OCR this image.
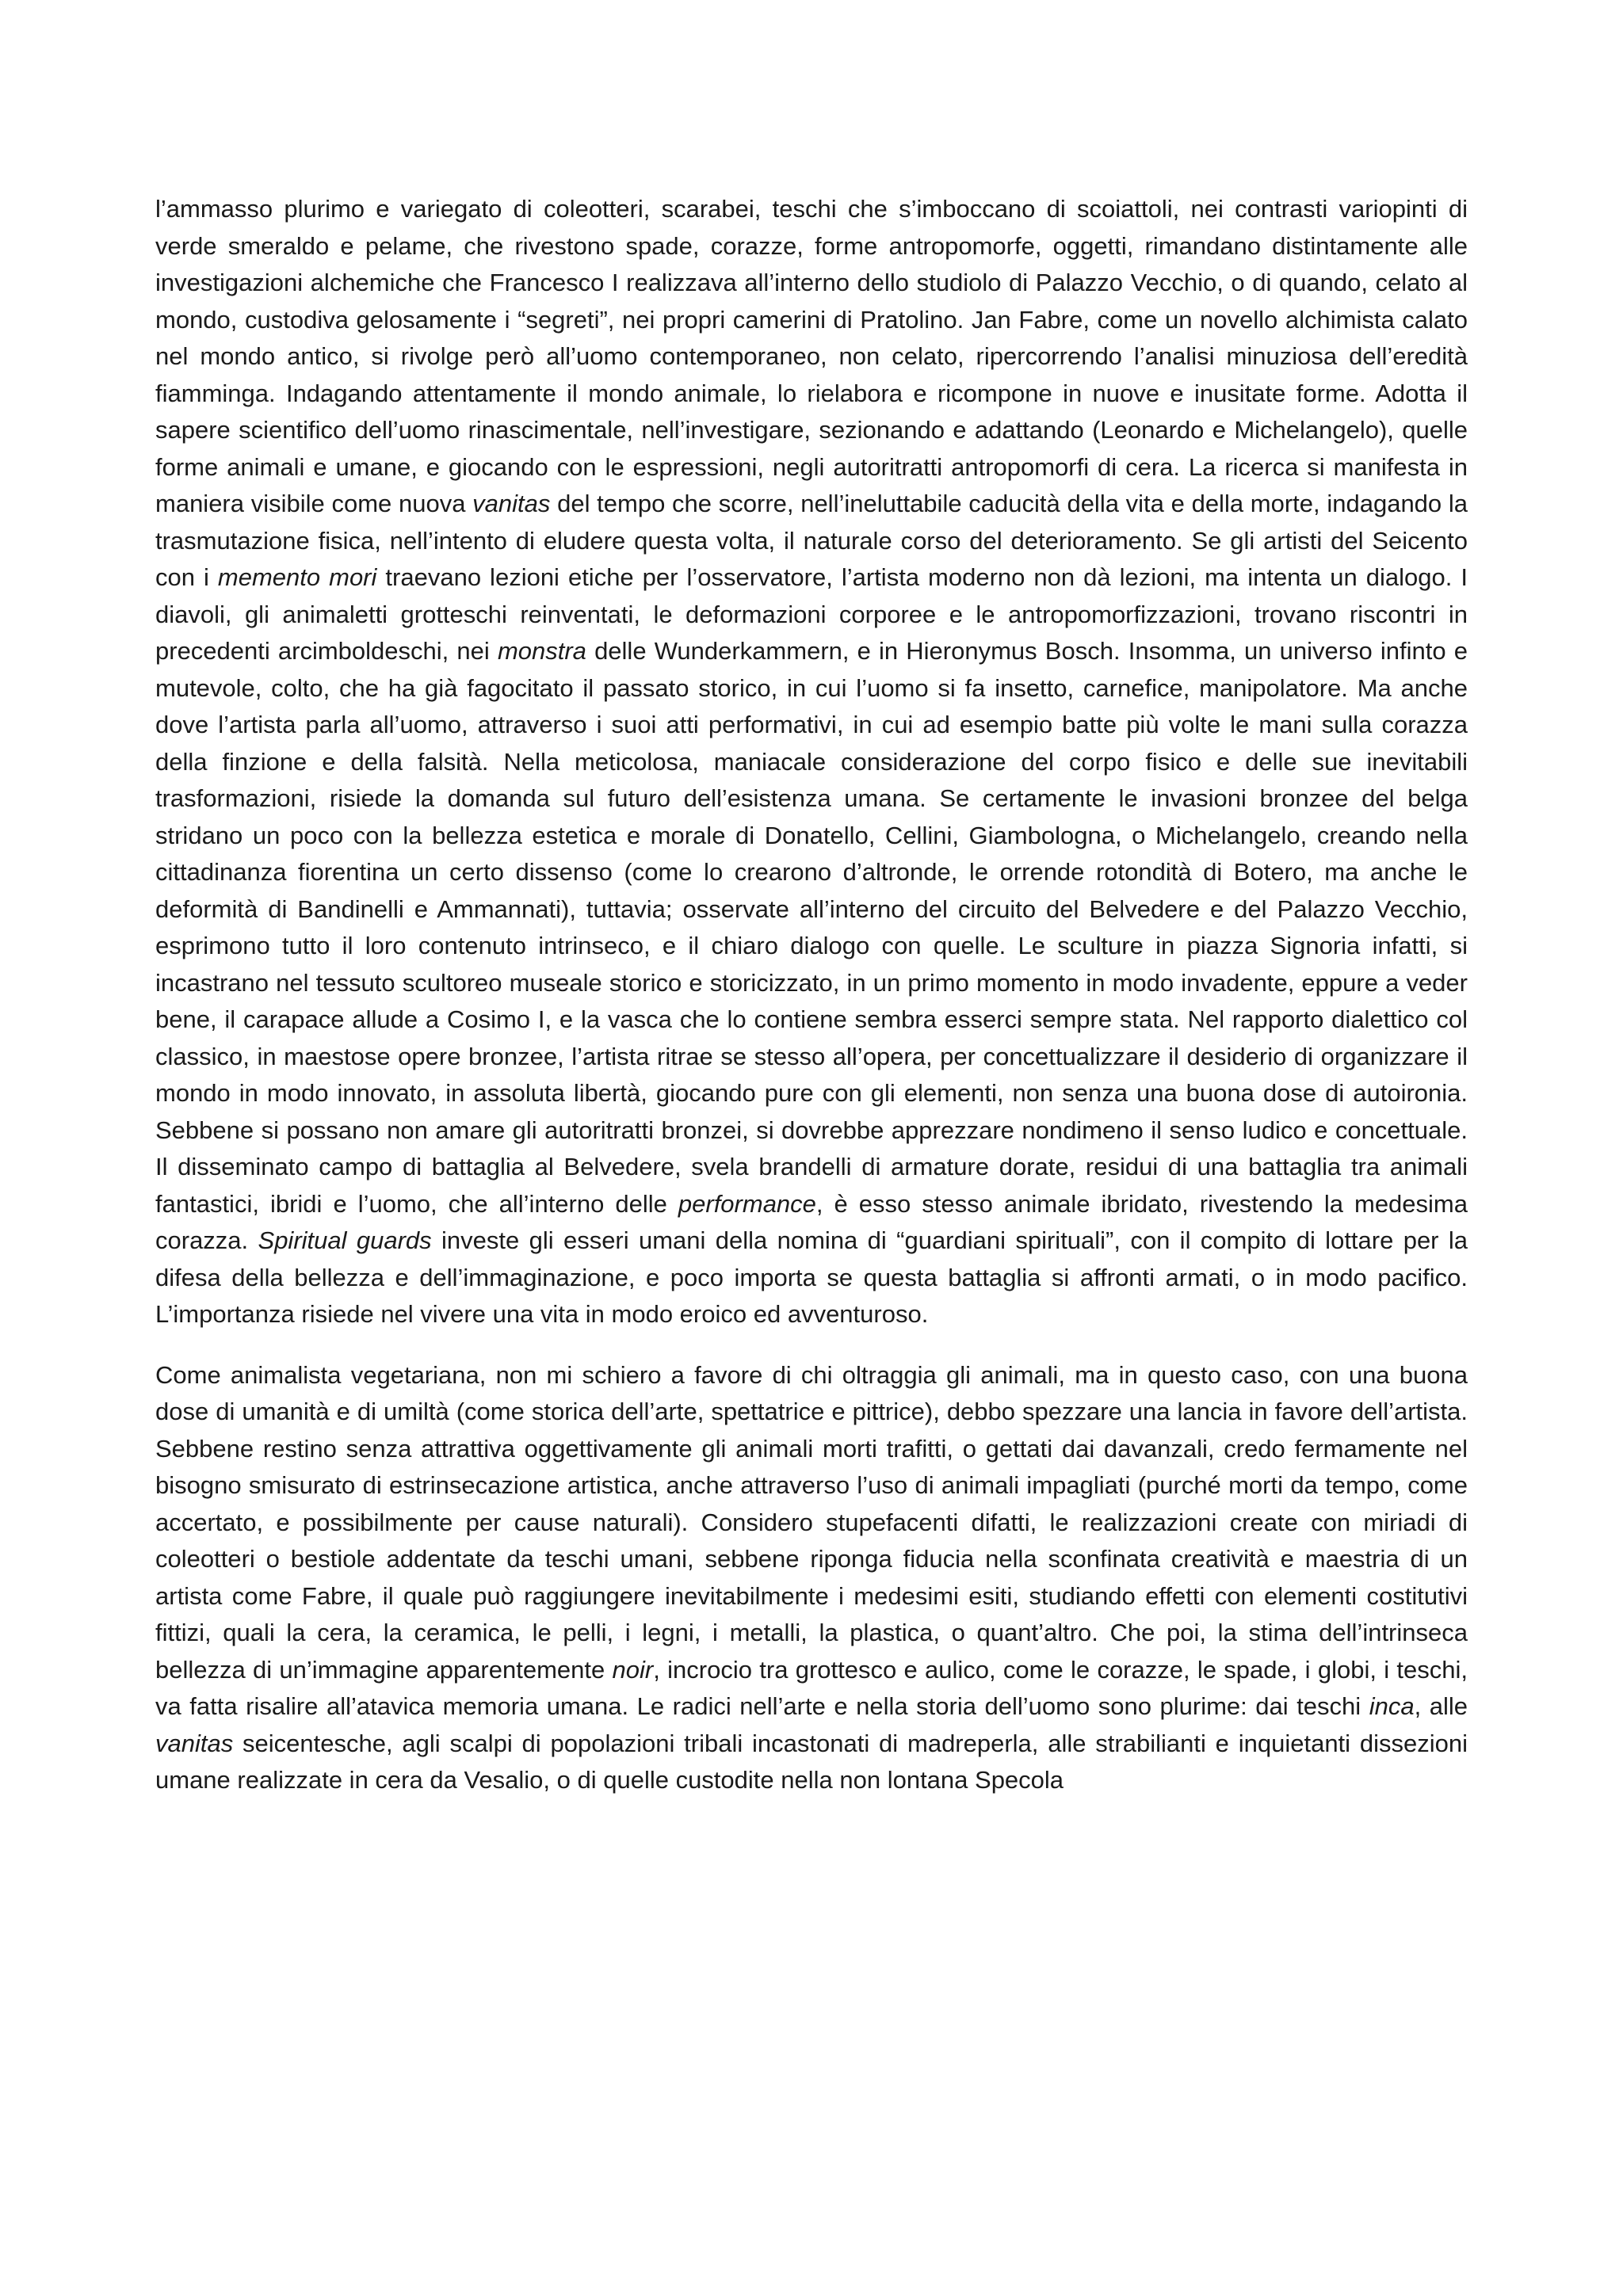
l’ammasso plurimo e variegato di coleotteri, scarabei, teschi che s’imboccano di scoiattoli, nei contrasti variopinti di verde smeraldo e pelame, che rivestono spade, corazze, forme antropomorfe, oggetti, rimandano distintamente alle investigazioni alchemiche che Francesco I realizzava all’interno dello studiolo di Palazzo Vecchio, o di quando, celato al mondo, custodiva gelosamente i “segreti”, nei propri camerini di Pratolino. Jan Fabre, come un novello alchimista calato nel mondo antico, si rivolge però all’uomo contemporaneo, non celato, ripercorrendo l’analisi minuziosa dell’eredità fiamminga. Indagando attentamente il mondo animale, lo rielabora e ricompone in nuove e inusitate forme. Adotta il sapere scientifico dell’uomo rinascimentale, nell’investigare, sezionando e adattando (Leonardo e Michelangelo), quelle forme animali e umane, e giocando con le espressioni, negli autoritratti antropomorfi di cera. La ricerca si manifesta in maniera visibile come nuova vanitas del tempo che scorre, nell’ineluttabile caducità della vita e della morte, indagando la trasmutazione fisica, nell’intento di eludere questa volta, il naturale corso del deterioramento. Se gli artisti del Seicento con i memento mori traevano lezioni etiche per l’osservatore, l’artista moderno non dà lezioni, ma intenta un dialogo. I diavoli, gli animaletti grotteschi reinventati, le deformazioni corporee e le antropomorfizzazioni, trovano riscontri in precedenti arcimboldeschi, nei monstra delle Wunderkammern, e in Hieronymus Bosch. Insomma, un universo infinto e mutevole, colto, che ha già fagocitato il passato storico, in cui l’uomo si fa insetto, carnefice, manipolatore. Ma anche dove l’artista parla all’uomo, attraverso i suoi atti performativi, in cui ad esempio batte più volte le mani sulla corazza della finzione e della falsità. Nella meticolosa, maniacale considerazione del corpo fisico e delle sue inevitabili trasformazioni, risiede la domanda sul futuro dell’esistenza umana. Se certamente le invasioni bronzee del belga stridano un poco con la bellezza estetica e morale di Donatello, Cellini, Giambologna, o Michelangelo, creando nella cittadinanza fiorentina un certo dissenso (come lo crearono d’altronde, le orrende rotondità di Botero, ma anche le deformità di Bandinelli e Ammannati), tuttavia; osservate all’interno del circuito del Belvedere e del Palazzo Vecchio, esprimono tutto il loro contenuto intrinseco, e il chiaro dialogo con quelle. Le sculture in piazza Signoria infatti, si incastrano nel tessuto scultoreo museale storico e storicizzato, in un primo momento in modo invadente, eppure a veder bene, il carapace allude a Cosimo I, e la vasca che lo contiene sembra esserci sempre stata. Nel rapporto dialettico col classico, in maestose opere bronzee, l’artista ritrae se stesso all’opera, per concettualizzare il desiderio di organizzare il mondo in modo innovato, in assoluta libertà, giocando pure con gli elementi, non senza una buona dose di autoironia. Sebbene si possano non amare gli autoritratti bronzei, si dovrebbe apprezzare nondimeno il senso ludico e concettuale. Il disseminato campo di battaglia al Belvedere, svela brandelli di armature dorate, residui di una battaglia tra animali fantastici, ibridi e l’uomo, che all’interno delle performance, è esso stesso animale ibridato, rivestendo la medesima corazza. Spiritual guards investe gli esseri umani della nomina di “guardiani spirituali”, con il compito di lottare per la difesa della bellezza e dell’immaginazione, e poco importa se questa battaglia si affronti armati, o in modo pacifico. L’importanza risiede nel vivere una vita in modo eroico ed avventuroso.

Come animalista vegetariana, non mi schiero a favore di chi oltraggia gli animali, ma in questo caso, con una buona dose di umanità e di umiltà (come storica dell’arte, spettatrice e pittrice), debbo spezzare una lancia in favore dell’artista. Sebbene restino senza attrattiva oggettivamente gli animali morti trafitti, o gettati dai davanzali, credo fermamente nel bisogno smisurato di estrinsecazione artistica, anche attraverso l’uso di animali impagliati (purché morti da tempo, come accertato, e possibilmente per cause naturali). Considero stupefacenti difatti, le realizzazioni create con miriadi di coleotteri o bestiole addentate da teschi umani, sebbene riponga fiducia nella sconfinata creatività e maestria di un artista come Fabre, il quale può raggiungere inevitabilmente i medesimi esiti, studiando effetti con elementi costitutivi fittizi, quali la cera, la ceramica, le pelli, i legni, i metalli, la plastica, o quant’altro. Che poi, la stima dell’intrinseca bellezza di un’immagine apparentemente noir, incrocio tra grottesco e aulico, come le corazze, le spade, i globi, i teschi, va fatta risalire all’atavica memoria umana. Le radici nell’arte e nella storia dell’uomo sono plurime: dai teschi inca, alle vanitas seicentesche, agli scalpi di popolazioni tribali incastonati di madreperla, alle strabilianti e inquietanti dissezioni umane realizzate in cera da Vesalio, o di quelle custodite nella non lontana Specola
